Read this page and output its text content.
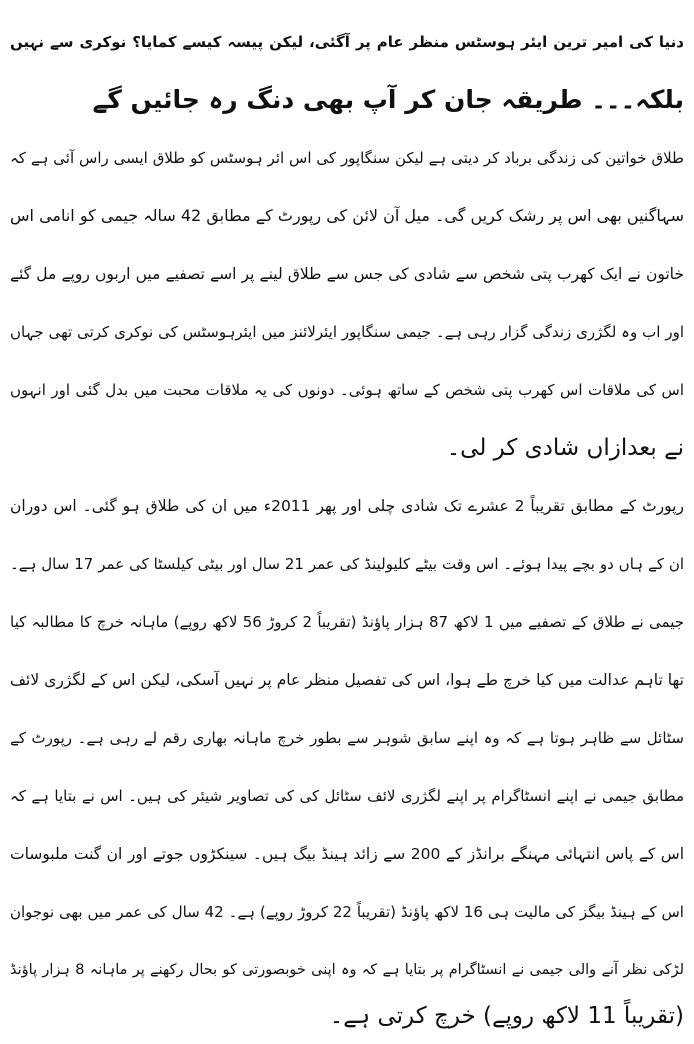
دنیا کی امیر ترین ایئر ہوسٹس منظر عام پر آگئی، لیکن پیسہ کیسے کمایا؟ نوکری سے نہیں
بلکہ۔۔۔ طریقہ جان کر آپ بھی دنگ رہ جائیں گے
طلاق خواتین کی زندگی برباد کر دیتی ہے لیکن سنگاپور کی اس ائر ہوسٹس کو طلاق ایسی راس آئی ہے کہ
سہاگنیں بھی اس پر رشک کریں گی۔ میل آن لائن کی رپورٹ کے مطابق 42 سالہ جیمی کو انامی اس
خاتون نے ایک کھرب پتی شخص سے شادی کی جس سے طلاق لینے پر اسے تصفیے میں اربوں روپے مل گئے
اور اب وہ لگژری زندگی گزار رہی ہے۔ جیمی سنگاپور ایئرلائنز میں ایئرہوسٹس کی نوکری کرتی تھی جہاں
اس کی ملاقات اس کھرب پتی شخص کے ساتھ ہوئی۔ دونوں کی یہ ملاقات محبت میں بدل گئی اور انہوں
نے بعدازاں شادی کر لی۔
رپورٹ کے مطابق تقریباً 2 عشرے تک شادی چلی اور پھر 2011ء میں ان کی طلاق ہو گئی۔ اس دوران
ان کے ہاں دو بچے پیدا ہوئے۔ اس وقت بیٹے کلیولینڈ کی عمر 21 سال اور بیٹی کیلسٹا کی عمر 17 سال ہے۔
جیمی نے طلاق کے تصفیے میں 1 لاکھ 87 ہزار پاﺅنڈ (تقریباً 2 کروڑ 56 لاکھ روپے) ماہانہ خرچ کا مطالبہ کیا
تھا تاہم عدالت میں کیا خرچ طے ہوا، اس کی تفصیل منظر عام پر نہیں آسکی، لیکن اس کے لگژری لائف
سٹائل سے ظاہر ہوتا ہے کہ وہ اپنے سابق شوہر سے بطور خرچ ماہانہ بھاری رقم لے رہی ہے۔ رپورٹ کے
مطابق جیمی نے اپنے انسٹاگرام پر اپنے لگژری لائف سٹائل کی کی تصاویر شیئر کی ہیں۔ اس نے بتایا ہے کہ
اس کے پاس انتہائی مہنگے برانڈز کے 200 سے زائد ہینڈ بیگ ہیں۔ سینکڑوں جوتے اور ان گنت ملبوسات
اس کے ہینڈ بیگز کی مالیت ہی 16 لاکھ پاﺅنڈ (تقریباً 22 کروڑ روپے) ہے۔ 42 سال کی عمر میں بھی نوجوان
لڑکی نظر آنے والی جیمی نے انسٹاگرام پر بتایا ہے کہ وہ اپنی خوبصورتی کو بحال رکھنے پر ماہانہ 8 ہزار پاﺅنڈ
(تقریباً 11 لاکھ روپے) خرچ کرتی ہے۔
